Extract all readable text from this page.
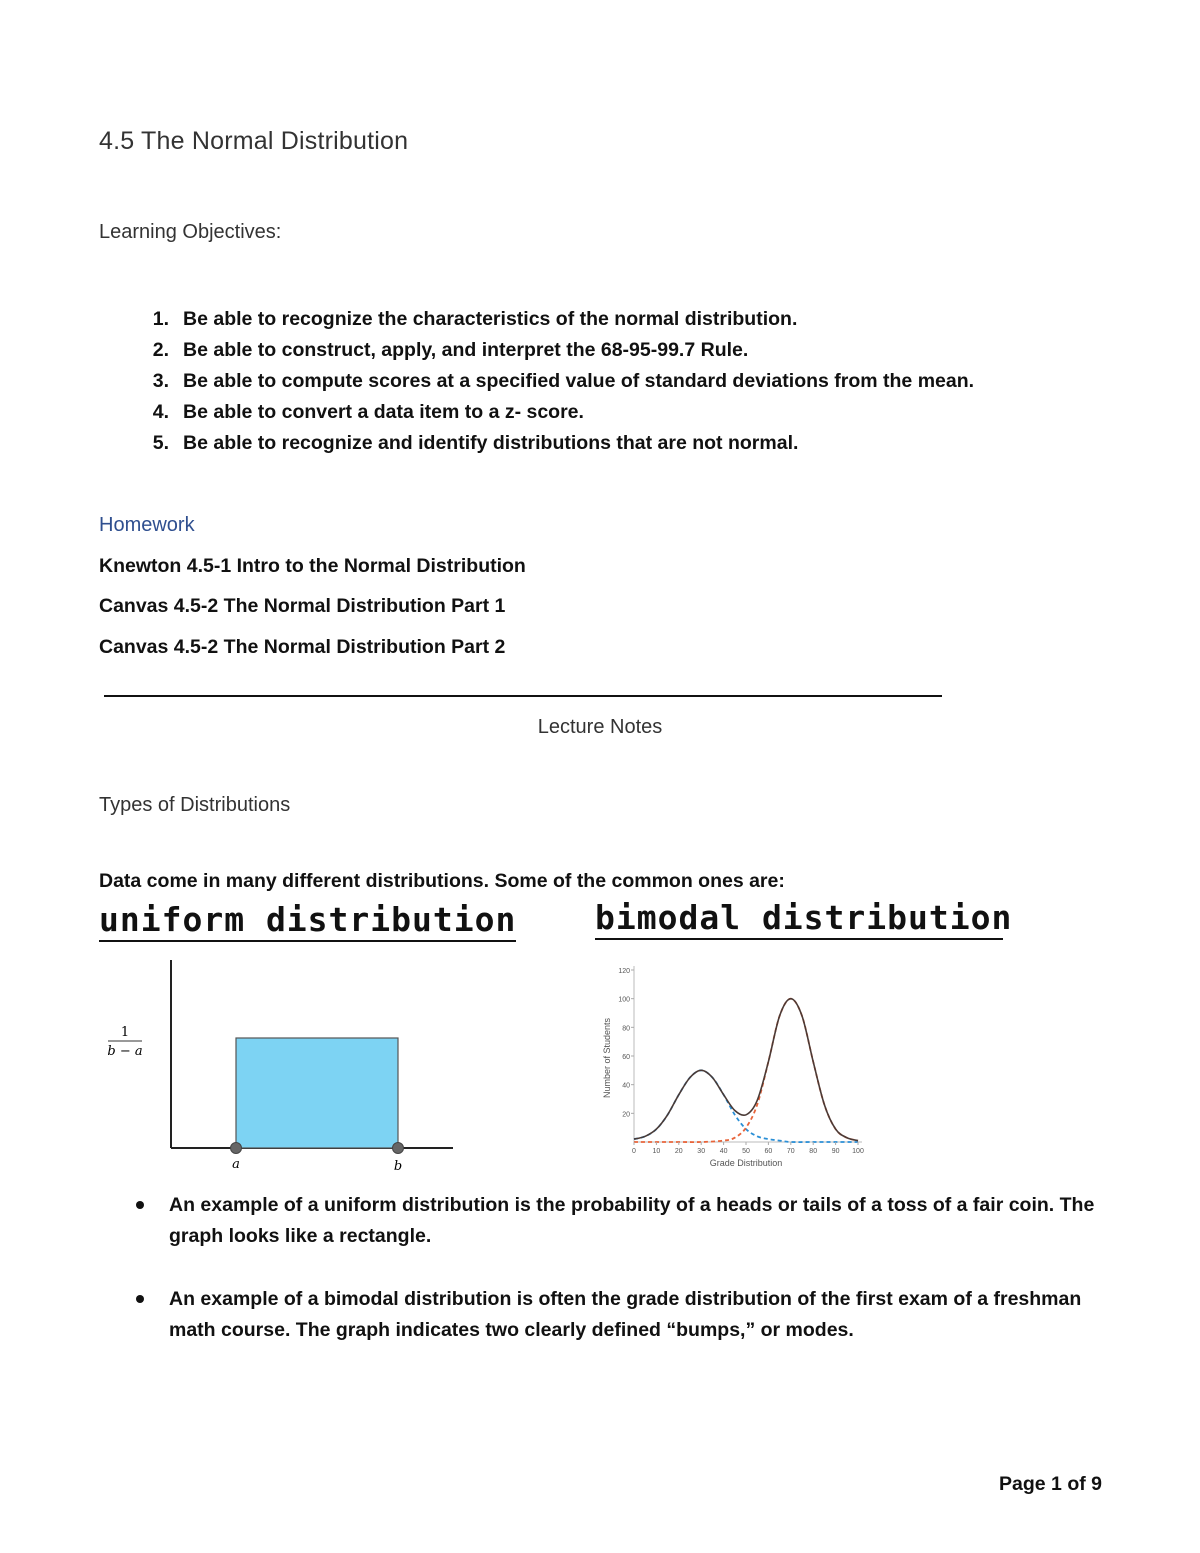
4.5 The Normal Distribution
Learning Objectives:
1. Be able to recognize the characteristics of the normal distribution.
2. Be able to construct, apply, and interpret the 68-95-99.7 Rule.
3. Be able to compute scores at a specified value of standard deviations from the mean.
4. Be able to convert a data item to a z- score.
5. Be able to recognize and identify distributions that are not normal.
Homework
Knewton 4.5-1 Intro to the Normal Distribution
Canvas 4.5-2 The Normal Distribution Part 1
Canvas 4.5-2 The Normal Distribution Part 2
Lecture Notes
Types of Distributions
Data come in many different distributions. Some of the common ones are:
uniform distribution bimodal distribution
1
b − a
a	b
20
40
60
80
100
120
0 10 20 30 40 50 60 70 80 90 100
Grade Distribution
Number of Students
An example of a uniform distribution is the probability of a heads or tails of a toss of a fair coin. The graph looks like a rectangle.
An example of a bimodal distribution is often the grade distribution of the first exam of a freshman math course. The graph indicates two clearly defined “bumps,” or modes.
Page 1 of 9
